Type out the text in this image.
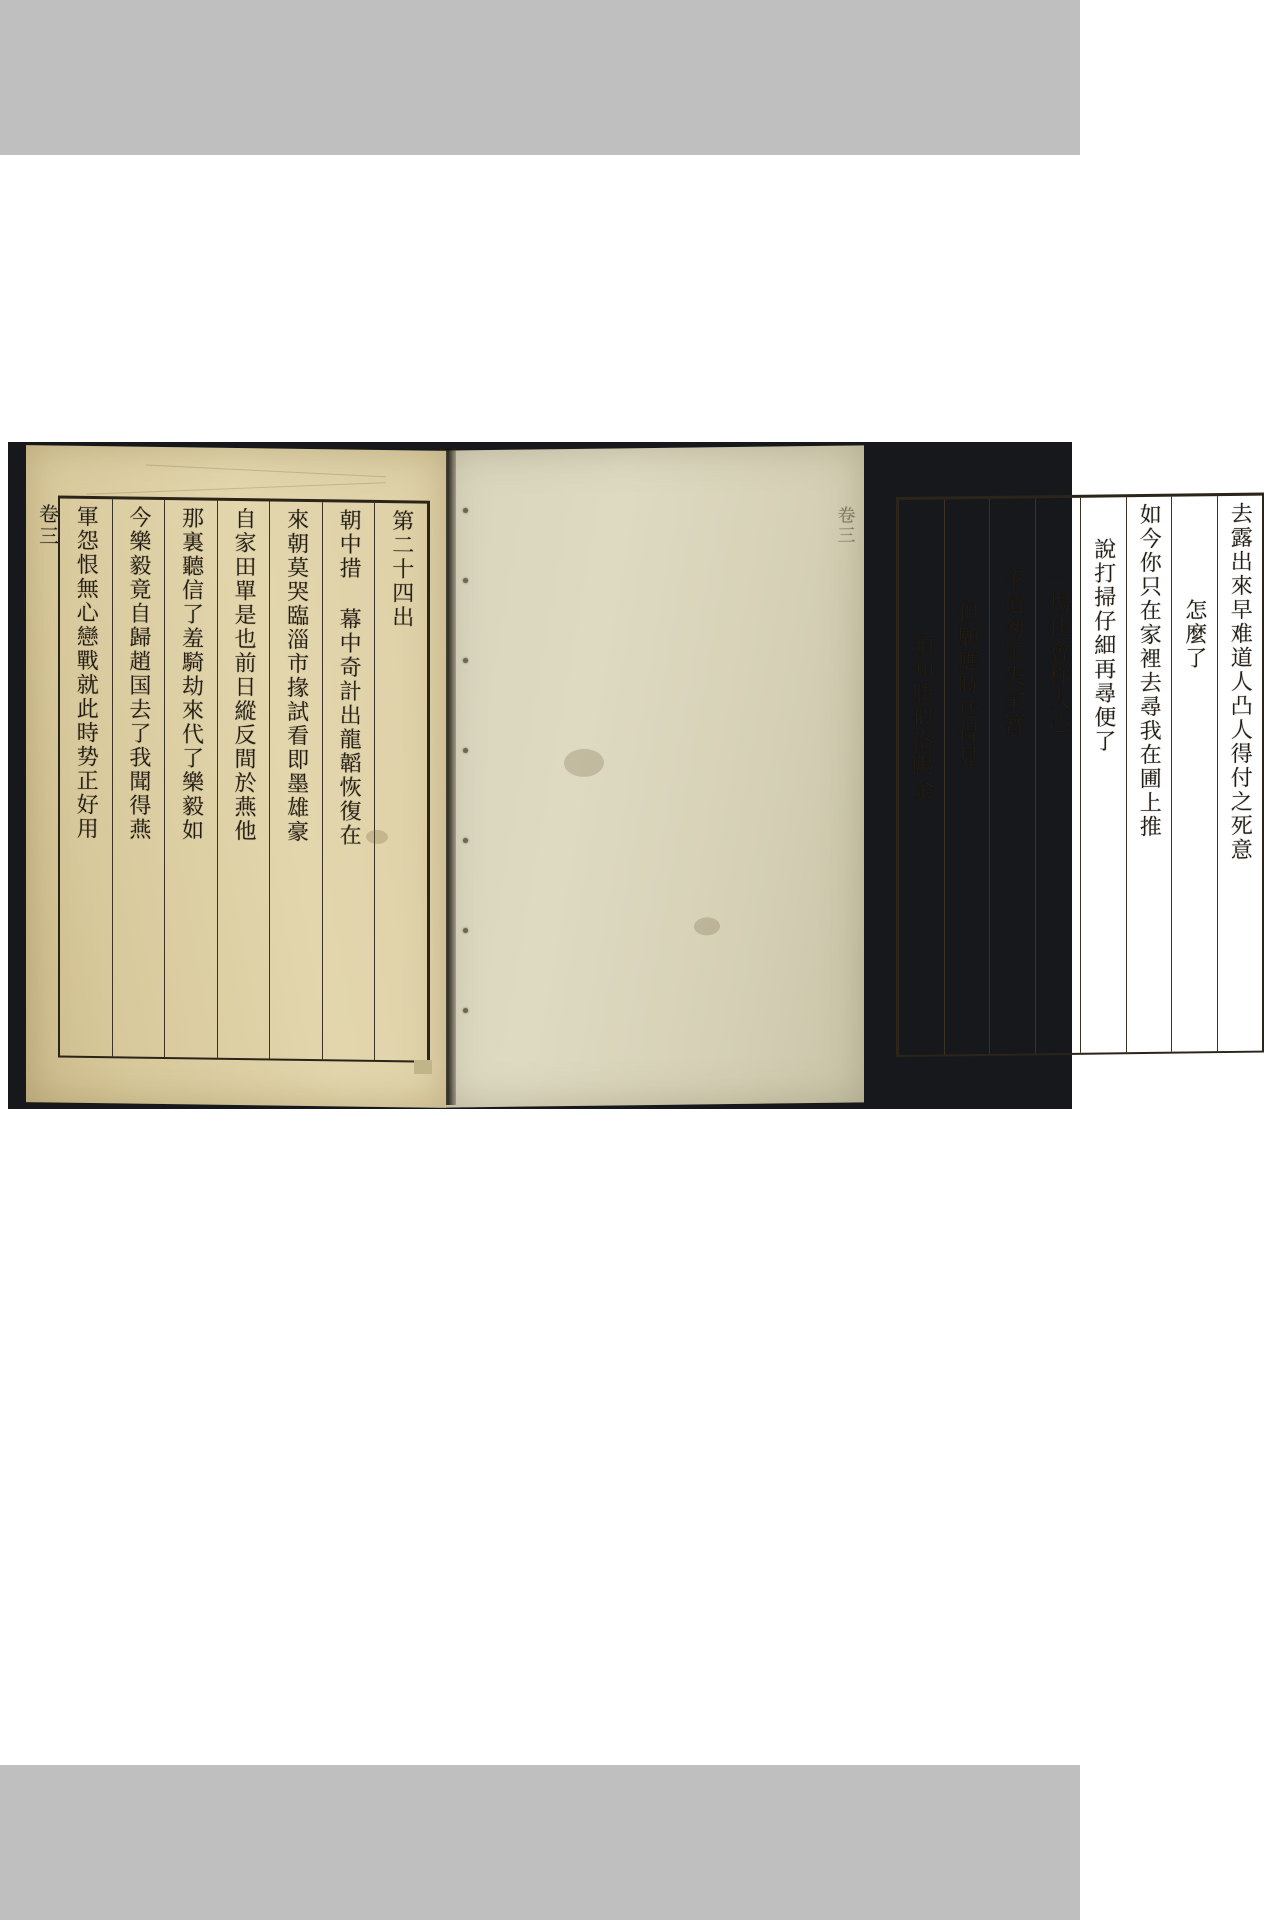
去露出來早难道人凸人得付之死意
怎麼了
如今你只在家裡去尋我在圃上推
說打掃仔細再尋便了
一煬佳會称人心
不道匆忙失宝簪
但願應時还得見
須知勝似洛陽金
卷三
卷三	第二十四出
朝中措 幕中奇計出龍韜恢復在
來朝莫哭臨淄市掾試看即墨雄豪
自家田單是也前日縱反間於燕他
那裏聽信了羞騎劫來代了樂毅如
今樂毅竟自歸趙国去了我聞得燕
軍怨恨無心戀戰就此時势正好用
